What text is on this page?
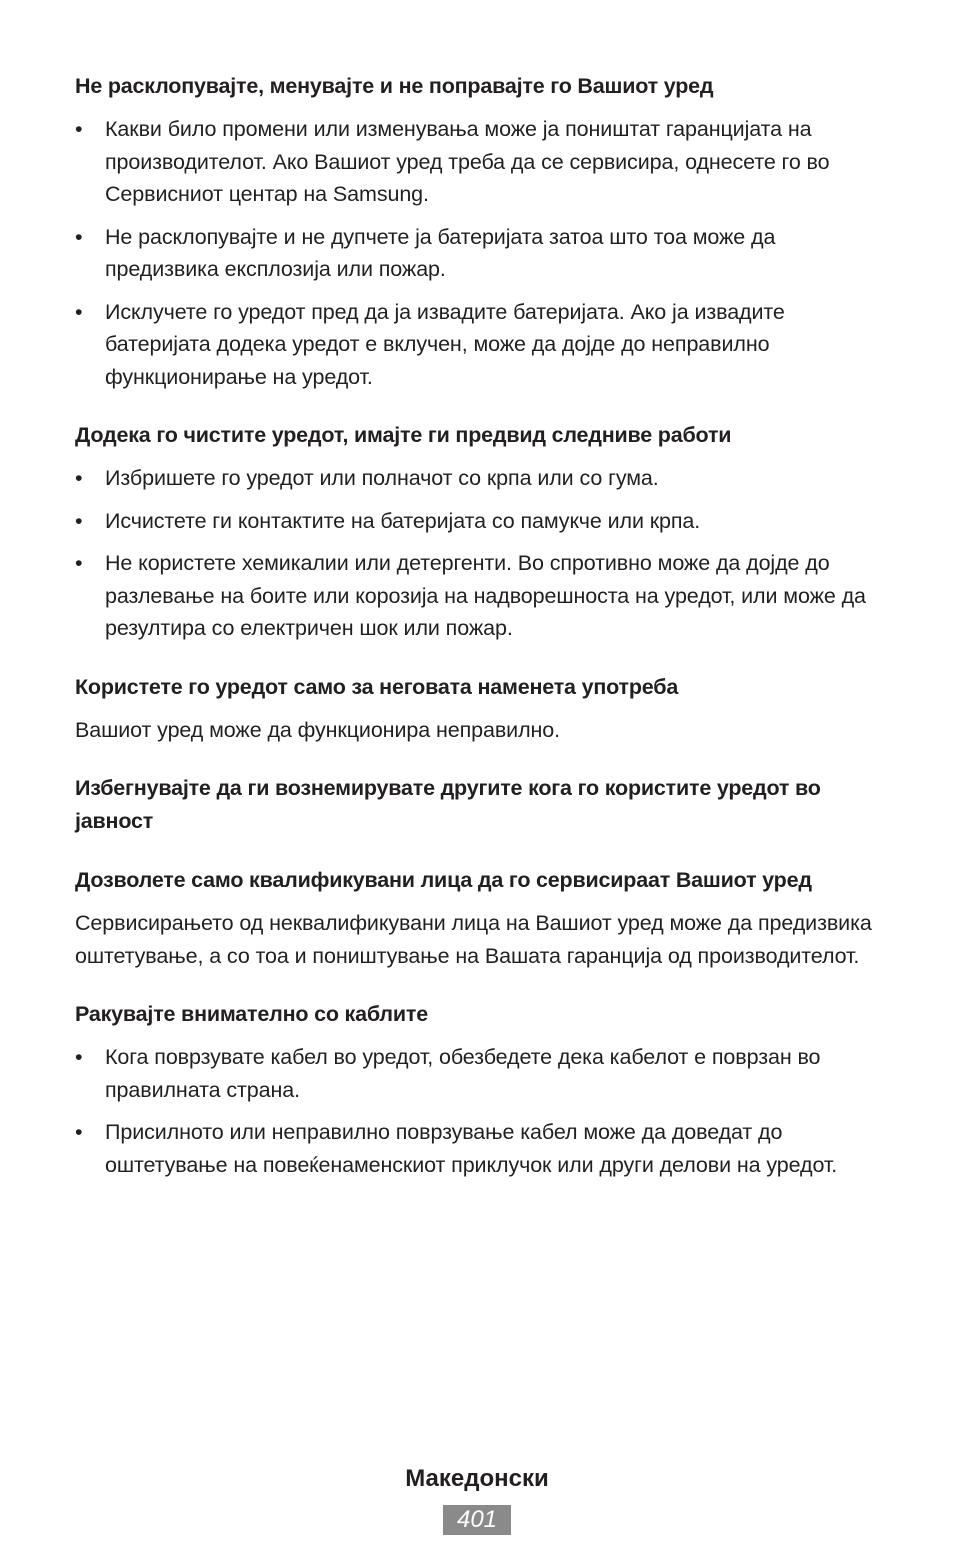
Не расклопувајте, менувајте и не поправајте го Вашиот уред
•	Какви било промени или изменувања може ја поништат гаранцијата на производителот. Ако Вашиот уред треба да се сервисира, однесете го во Сервисниот центар на Samsung.
•	Не расклопувајте и не дупчете ја батеријата затоа што тоа може да предизвика експлозија или пожар.
•	Исклучете го уредот пред да ја извадите батеријата. Ако ја извадите батеријата додека уредот е вклучен, може да дојде до неправилно функционирање на уредот.
Додека го чистите уредот, имајте ги предвид следниве работи
•	Избришете го уредот или полначот со крпа или со гума.
•	Исчистете ги контактите на батеријата со памукче или крпа.
•	Не користете хемикалии или детергенти. Во спротивно може да дојде до разлевање на боите или корозија на надворешноста на уредот, или може да резултира со електричен шок или пожар.
Користете го уредот само за неговата наменета употреба

Вашиот уред може да функционира неправилно.

Избегнувајте да ги вознемирувате другите кога го користите уредот во јавност
Дозволете само квалификувани лица да го сервисираат Вашиот уред

Сервисирањето од неквалификувани лица на Вашиот уред може да предизвика оштетување, а со тоа и поништување на Вашата гаранција од производителот.

Ракувајте внимателно со каблите
•	Кога поврзувате кабел во уредот, обезбедете дека кабелот е поврзан во правилната страна.
•	Присилното или неправилно поврзување кабел може да доведат до оштетување на повеќенаменскиот приклучок или други делови на уредот.
Македонски
401
